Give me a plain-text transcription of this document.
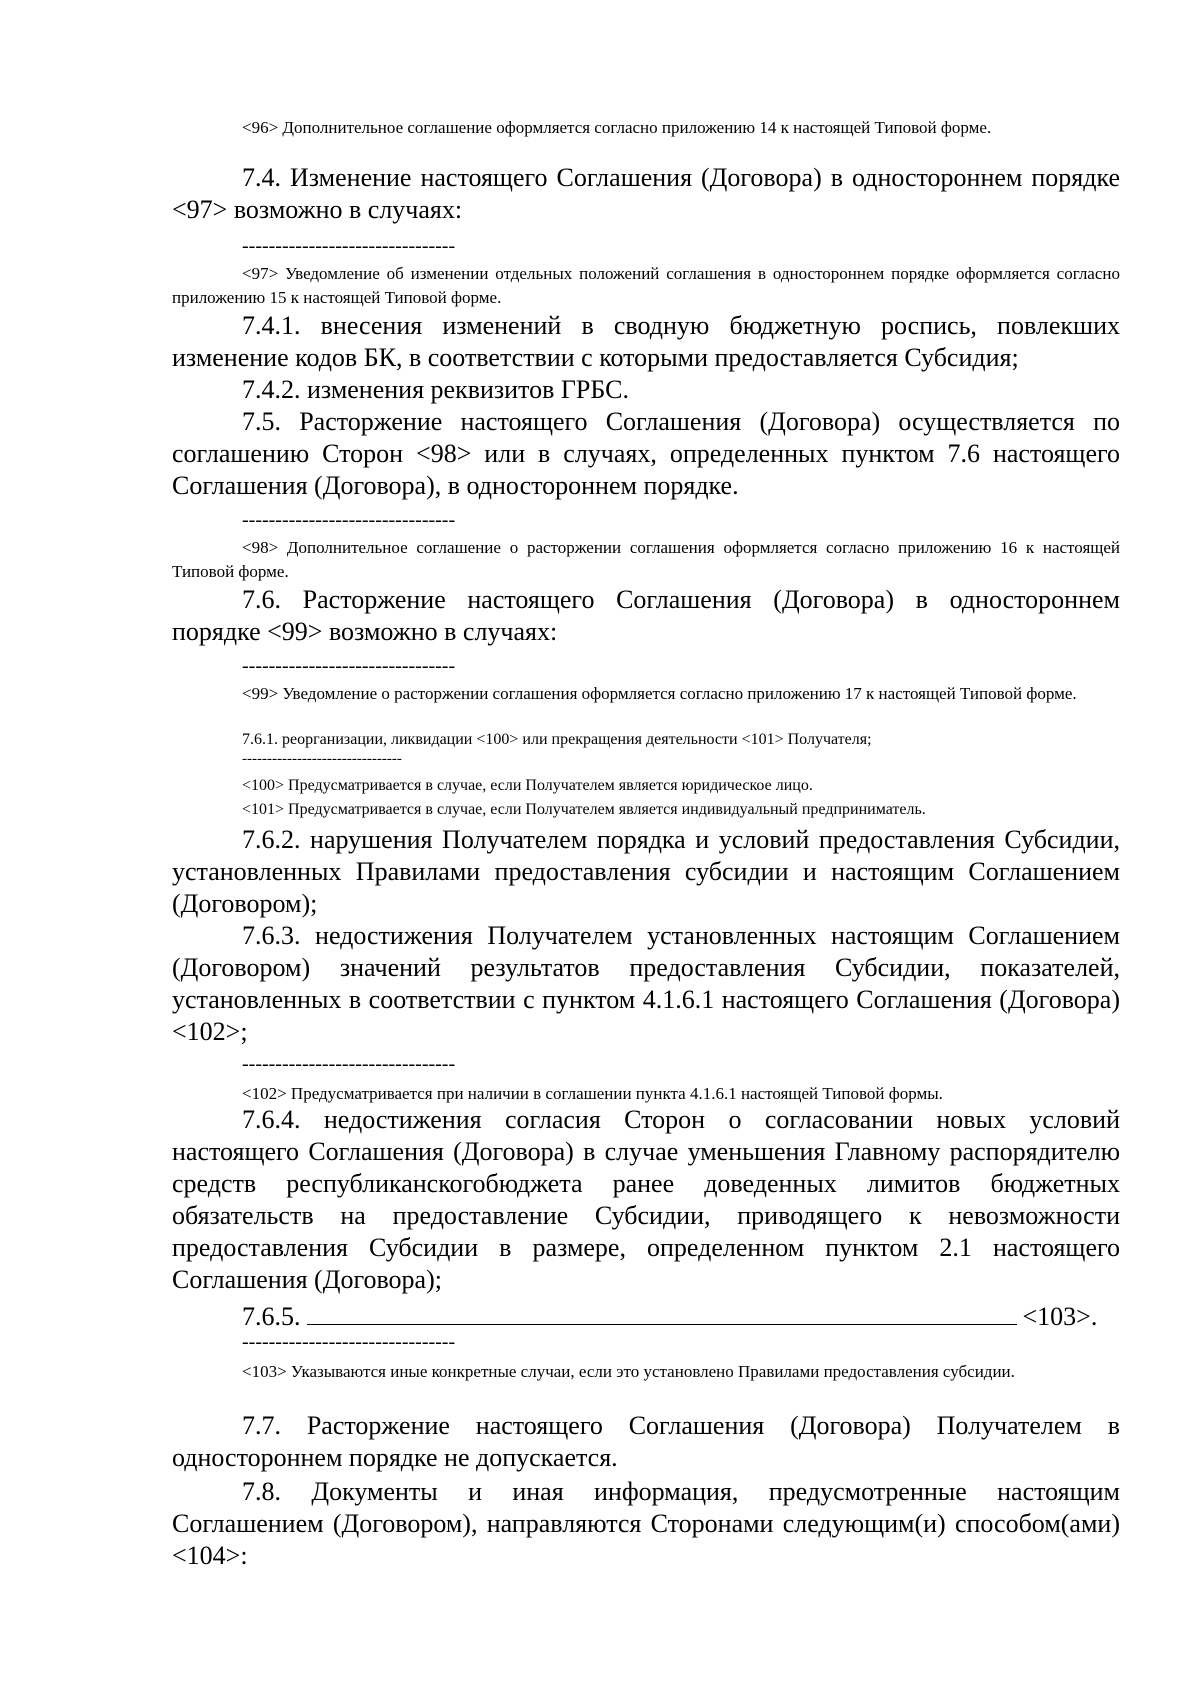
<96> Дополнительное соглашение оформляется согласно приложению 14 к настоящей Типовой форме.

7.4. Изменение настоящего Соглашения (Договора) в одностороннем порядке <97> возможно в случаях:

--------------------------------

<97> Уведомление об изменении отдельных положений соглашения в одностороннем порядке оформляется согласно приложению 15 к настоящей Типовой форме.

7.4.1. внесения изменений в сводную бюджетную роспись, повлекших изменение кодов БК, в соответствии с которыми предоставляется Субсидия;

7.4.2. изменения реквизитов ГРБС.

7.5. Расторжение настоящего Соглашения (Договора) осуществляется по соглашению Сторон <98> или в случаях, определенных пунктом 7.6 настоящего Соглашения (Договора), в одностороннем порядке.

--------------------------------

<98> Дополнительное соглашение о расторжении соглашения оформляется согласно приложению 16 к настоящей Типовой форме.

7.6. Расторжение настоящего Соглашения (Договора) в одностороннем порядке <99> возможно в случаях:

--------------------------------

<99> Уведомление о расторжении соглашения оформляется согласно приложению 17 к настоящей Типовой форме.

7.6.1. реорганизации, ликвидации <100> или прекращения деятельности <101> Получателя;

--------------------------------

<100> Предусматривается в случае, если Получателем является юридическое лицо.

<101> Предусматривается в случае, если Получателем является индивидуальный предприниматель.

7.6.2. нарушения Получателем порядка и условий предоставления Субсидии, установленных Правилами предоставления субсидии и настоящим Соглашением (Договором);

7.6.3. недостижения Получателем установленных настоящим Соглашением (Договором) значений результатов предоставления Субсидии, показателей, установленных в соответствии с пунктом 4.1.6.1 настоящего Соглашения (Договора) <102>;

--------------------------------

<102> Предусматривается при наличии в соглашении пункта 4.1.6.1 настоящей Типовой формы.

7.6.4. недостижения согласия Сторон о согласовании новых условий настоящего Соглашения (Договора) в случае уменьшения Главному распорядителю средств республиканскогобюджета ранее доведенных лимитов бюджетных обязательств на предоставление Субсидии, приводящего к невозможности предоставления Субсидии в размере, определенном пунктом 2.1 настоящего Соглашения (Договора);

7.6.5.	<103>.
--------------------------------

<103> Указываются иные конкретные случаи, если это установлено Правилами предоставления субсидии.

7.7. Расторжение настоящего Соглашения (Договора) Получателем в одностороннем порядке не допускается.

7.8. Документы и иная информация, предусмотренные настоящим Соглашением (Договором), направляются Сторонами следующим(и) способом(ами) <104>:
